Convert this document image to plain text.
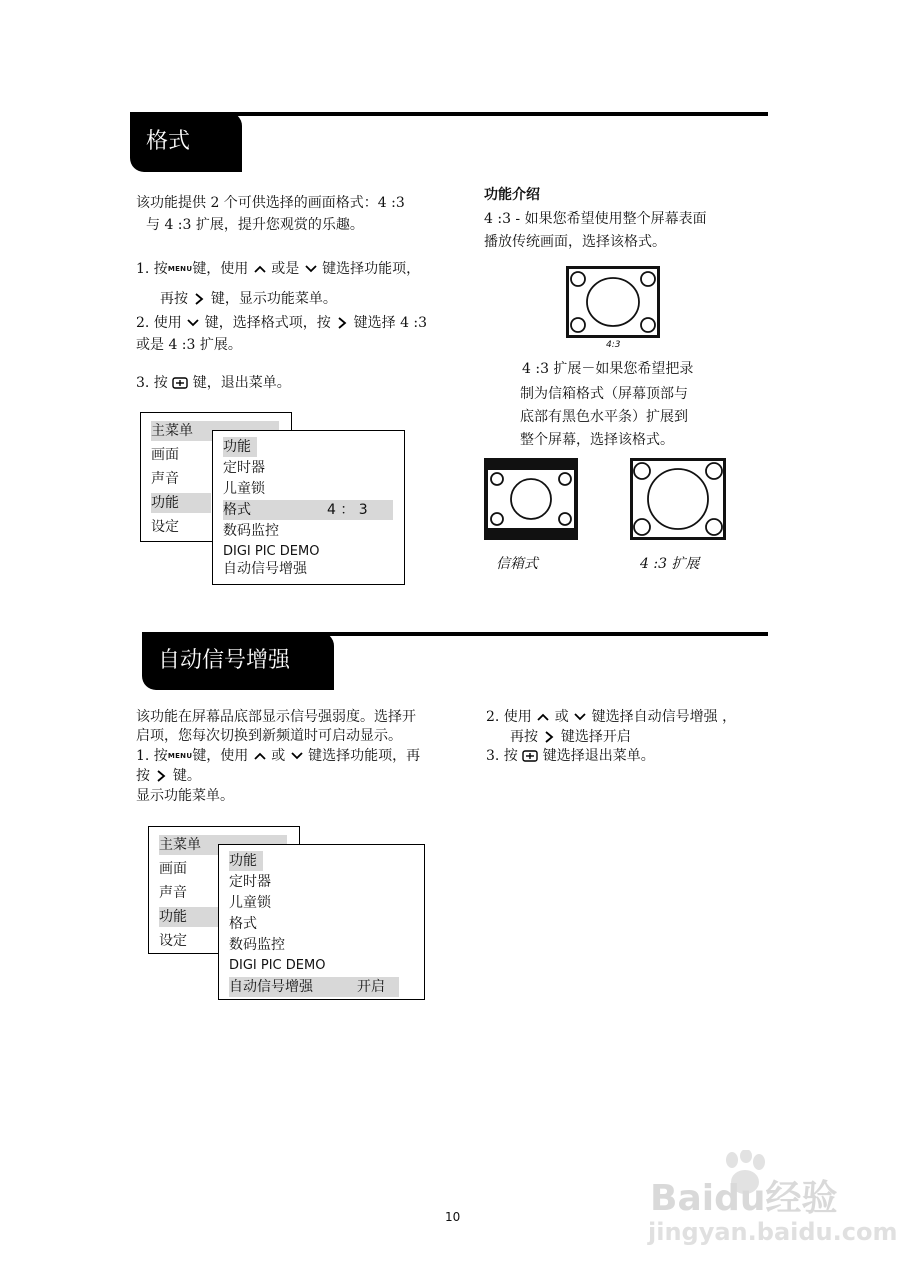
格式
该功能提供 2 个可供选择的画面格式：4 :3
与 4 :3 扩展，提升您观赏的乐趣。
1. 按MENU键，使用 或是 键选择功能项，
再按 键，显示功能菜单。
2. 使用 键，选择格式项，按 键选择 4 :3
或是 4 :3 扩展。
3. 按 键，退出菜单。
主菜单
画面
声音
功能
设定
功能
定时器
儿童锁
格式	4 ： 3
数码监控
DIGI PIC DEMO
自动信号增强
功能介绍
4 :3 - 如果您希望使用整个屏幕表面
播放传统画面，选择该格式。
4:3
4 :3 扩展－如果您希望把录
制为信箱格式（屏幕顶部与
底部有黑色水平条）扩展到
整个屏幕，选择该格式。
信箱式	4 :3 扩展
自动信号增强
该功能在屏幕品底部显示信号强弱度。选择开
启项，您每次切换到新频道时可启动显示。
1. 按MENU键，使用 或 键选择功能项，再
按 键。
显示功能菜单。
2. 使用 或 键选择自动信号增强 ，
再按 键选择开启
3. 按 键选择退出菜单。
主菜单
画面
声音
功能
设定
功能
定时器
儿童锁
格式
数码监控
DIGI PIC DEMO
自动信号增强	开启
10	Baidu经验
jingyan.baidu.com
